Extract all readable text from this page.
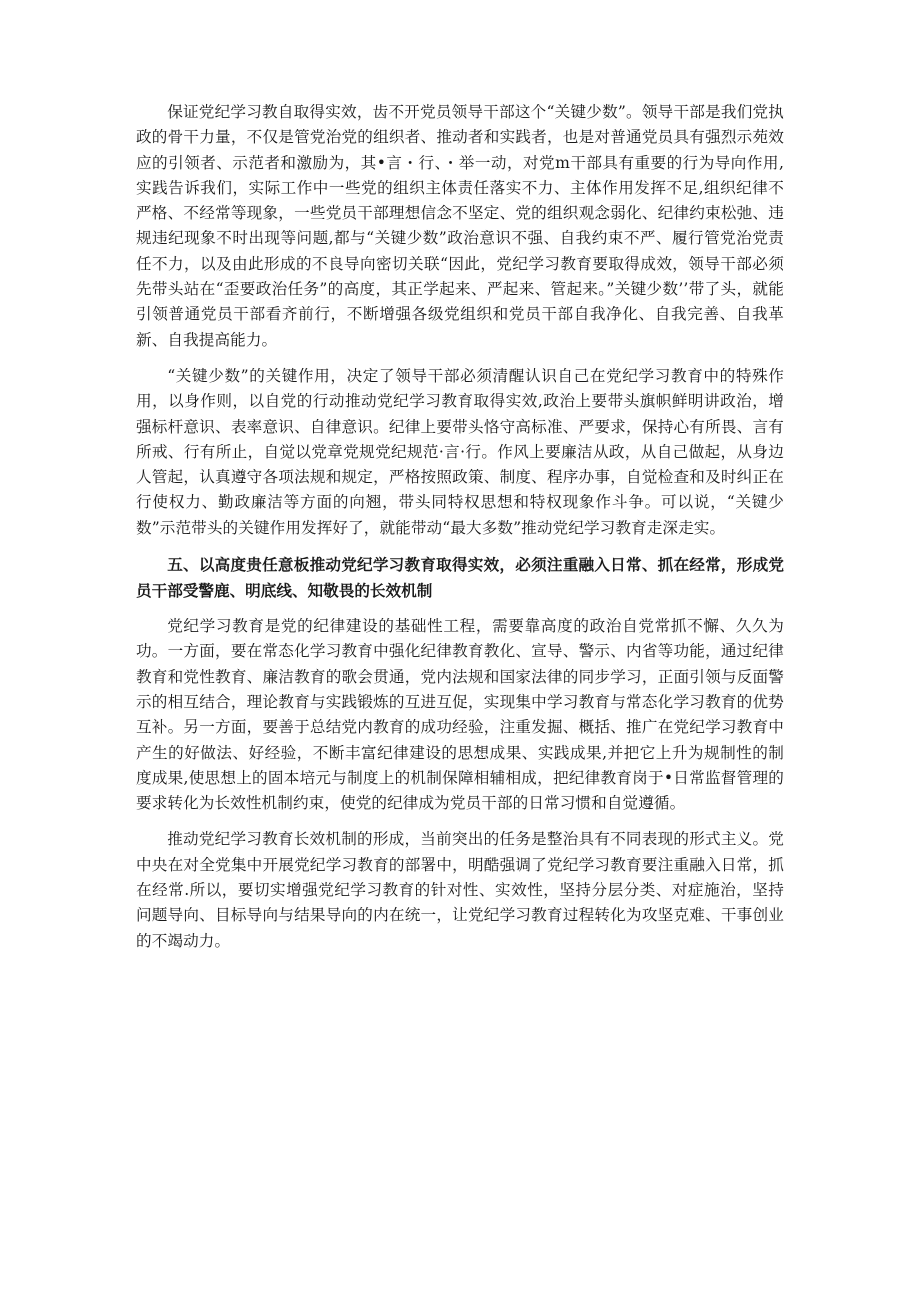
保证党纪学习教自取得实效，齿不开党员领导干部这个“关键少数”。领导干部是我们党执政的骨干力量，不仅是管党治党的组织者、推动者和实践者，也是对普通党员具有强烈示苑效应的引领者、示范者和激励为，其•言・行、・举一动，对党m干部具有重要的行为导向作用,实践告诉我们，实际工作中一些党的组织主体责任落实不力、主体作用发挥不足,组织纪律不严格、不经常等现象，一些党员干部理想信念不坚定、党的组织观念弱化、纪律约束松弛、违规违纪现象不时出现等问题,都与“关键少数”政治意识不强、自我约束不严、履行管党治党责任不力，以及由此形成的不良导向密切关联“因此，党纪学习教育要取得成效，领导干部必须先带头站在“歪要政治任务”的高度，其正学起来、严起来、管起来。”关键少数’’带了头，就能引领普通党员干部看齐前行，不断增强各级党组织和党员干部自我净化、自我完善、自我革新、自我提高能力。

“关键少数”的关键作用，决定了领导干部必须清醒认识自己在党纪学习教育中的特殊作用，以身作则，以自党的行动推动党纪学习教育取得实效,政治上要带头旗帜鲜明讲政治，增强标杆意识、表率意识、自律意识。纪律上要带头恪守高标准、严要求，保持心有所畏、言有所戒、行有所止，自觉以党章党规党纪规范·言·行。作风上要廉洁从政，从自己做起，从身边人管起，认真遵守各项法规和规定，严格按照政策、制度、程序办事，自觉检查和及时纠正在行使权力、勤政廉洁等方面的向翘，带头同特权思想和特权现象作斗争。可以说，“关键少数”示范带头的关键作用发挥好了，就能带动“最大多数”推动党纪学习教育走深走实。

五、以高度贵任意板推动党纪学习教育取得实效，必须注重融入日常、抓在经常，形成党员干部受警鹿、明底线、知敬畏的长效机制

党纪学习教育是党的纪律建设的基础性工程，需要靠高度的政治自党常抓不懈、久久为功。一方面，要在常态化学习教育中强化纪律教育教化、宣导、警示、内省等功能，通过纪律教育和党性教育、廉洁教育的歌会贯通，党内法规和国家法律的同步学习，正面引领与反面警示的相互结合，理论教育与实践锻炼的互进互促，实现集中学习教育与常态化学习教育的优势互补。另一方面，要善于总结党内教育的成功经验，注重发掘、概括、推广在党纪学习教育中产生的好做法、好经验，不断丰富纪律建设的思想成果、实践成果,并把它上升为规制性的制度成果,使思想上的固本培元与制度上的机制保障相辅相成，把纪律教育岗于•日常监督管理的要求转化为长效性机制约束，使党的纪律成为党员干部的日常习惯和自觉遵循。

推动党纪学习教育长效机制的形成，当前突出的任务是整治具有不同表现的形式主义。党中央在对全党集中开展党纪学习教育的部署中，明酷强调了党纪学习教育要注重融入日常，抓在经常.所以，要切实增强党纪学习教育的针对性、实效性，坚持分层分类、对症施治，坚持问题导向、目标导向与结果导向的内在统一，让党纪学习教育过程转化为攻坚克难、干事创业的不竭动力。
